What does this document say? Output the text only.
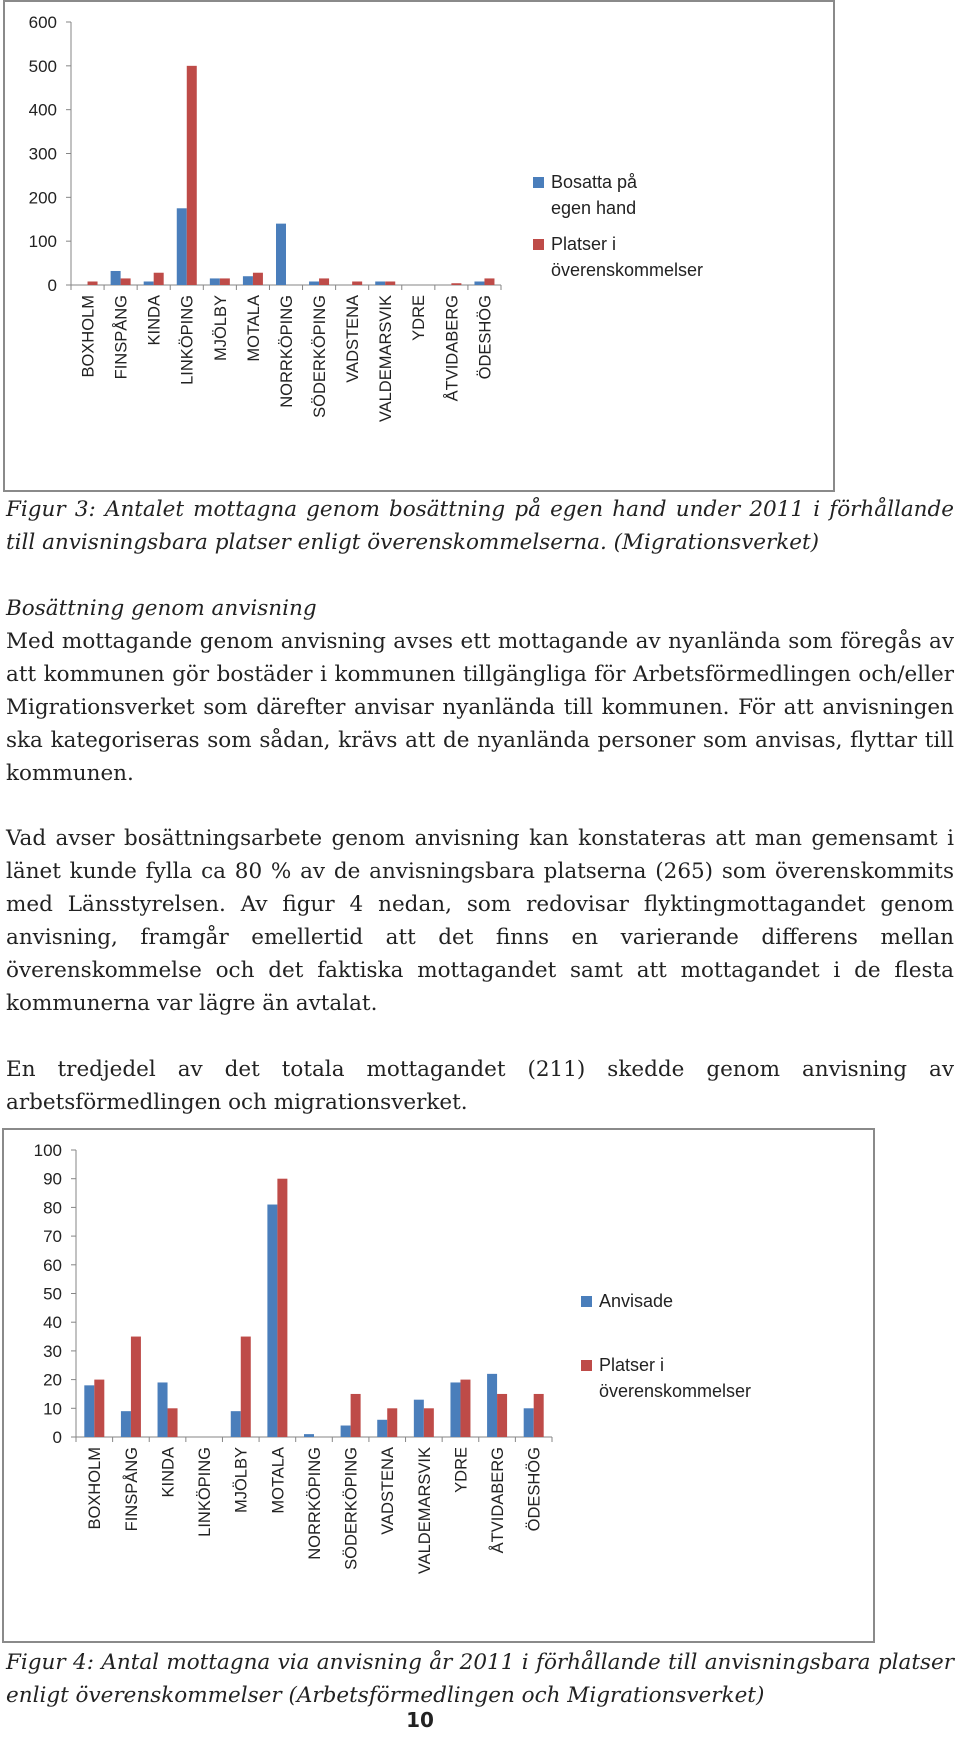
0
100
200
300
400
500
600
BOXHOLM FINSPÅNG KINDA LINKÖPING MJÖLBY MOTALA NORRKÖPING SÖDERKÖPING VADSTENA VALDEMARSVIK YDRE ÅTVIDABERG ÖDESHÖG
Bosatta på
egen hand
Platser i
överenskommelser
Figur 3: Antalet mottagna genom bosättning på egen hand under 2011 i förhållande till anvisningsbara platser enligt överenskommelserna. (Migrationsverket)
Bosättning genom anvisning

Med mottagande genom anvisning avses ett mottagande av nyanlända som föregås av att kommunen gör bostäder i kommunen tillgängliga för Arbetsförmedlingen och/eller Migrationsverket som därefter anvisar nyanlända till kommunen. För att anvisningen ska kategoriseras som sådan, krävs att de nyanlända personer som anvisas, flyttar till kommunen.

Vad avser bosättningsarbete genom anvisning kan konstateras att man gemensamt i länet kunde fylla ca 80 % av de anvisningsbara platserna (265) som överenskommits med Länsstyrelsen. Av figur 4 nedan, som redovisar flyktingmottagandet genom anvisning, framgår emellertid att det finns en varierande differens mellan överenskommelse och det faktiska mottagandet samt att mottagandet i de flesta kommunerna var lägre än avtalat.

En tredjedel av det totala mottagandet (211) skedde genom anvisning av arbetsförmedlingen och migrationsverket.

0
10
20
30
40
50
60
70
80
90
100
BOXHOLM FINSPÅNG KINDA LINKÖPING MJÖLBY MOTALA NORRKÖPING SÖDERKÖPING VADSTENA VALDEMARSVIK YDRE ÅTVIDABERG ÖDESHÖG
Anvisade
Platser i
överenskommelser
Figur 4: Antal mottagna via anvisning år 2011 i förhållande till anvisningsbara platser enligt överenskommelser (Arbetsförmedlingen och Migrationsverket)
10
